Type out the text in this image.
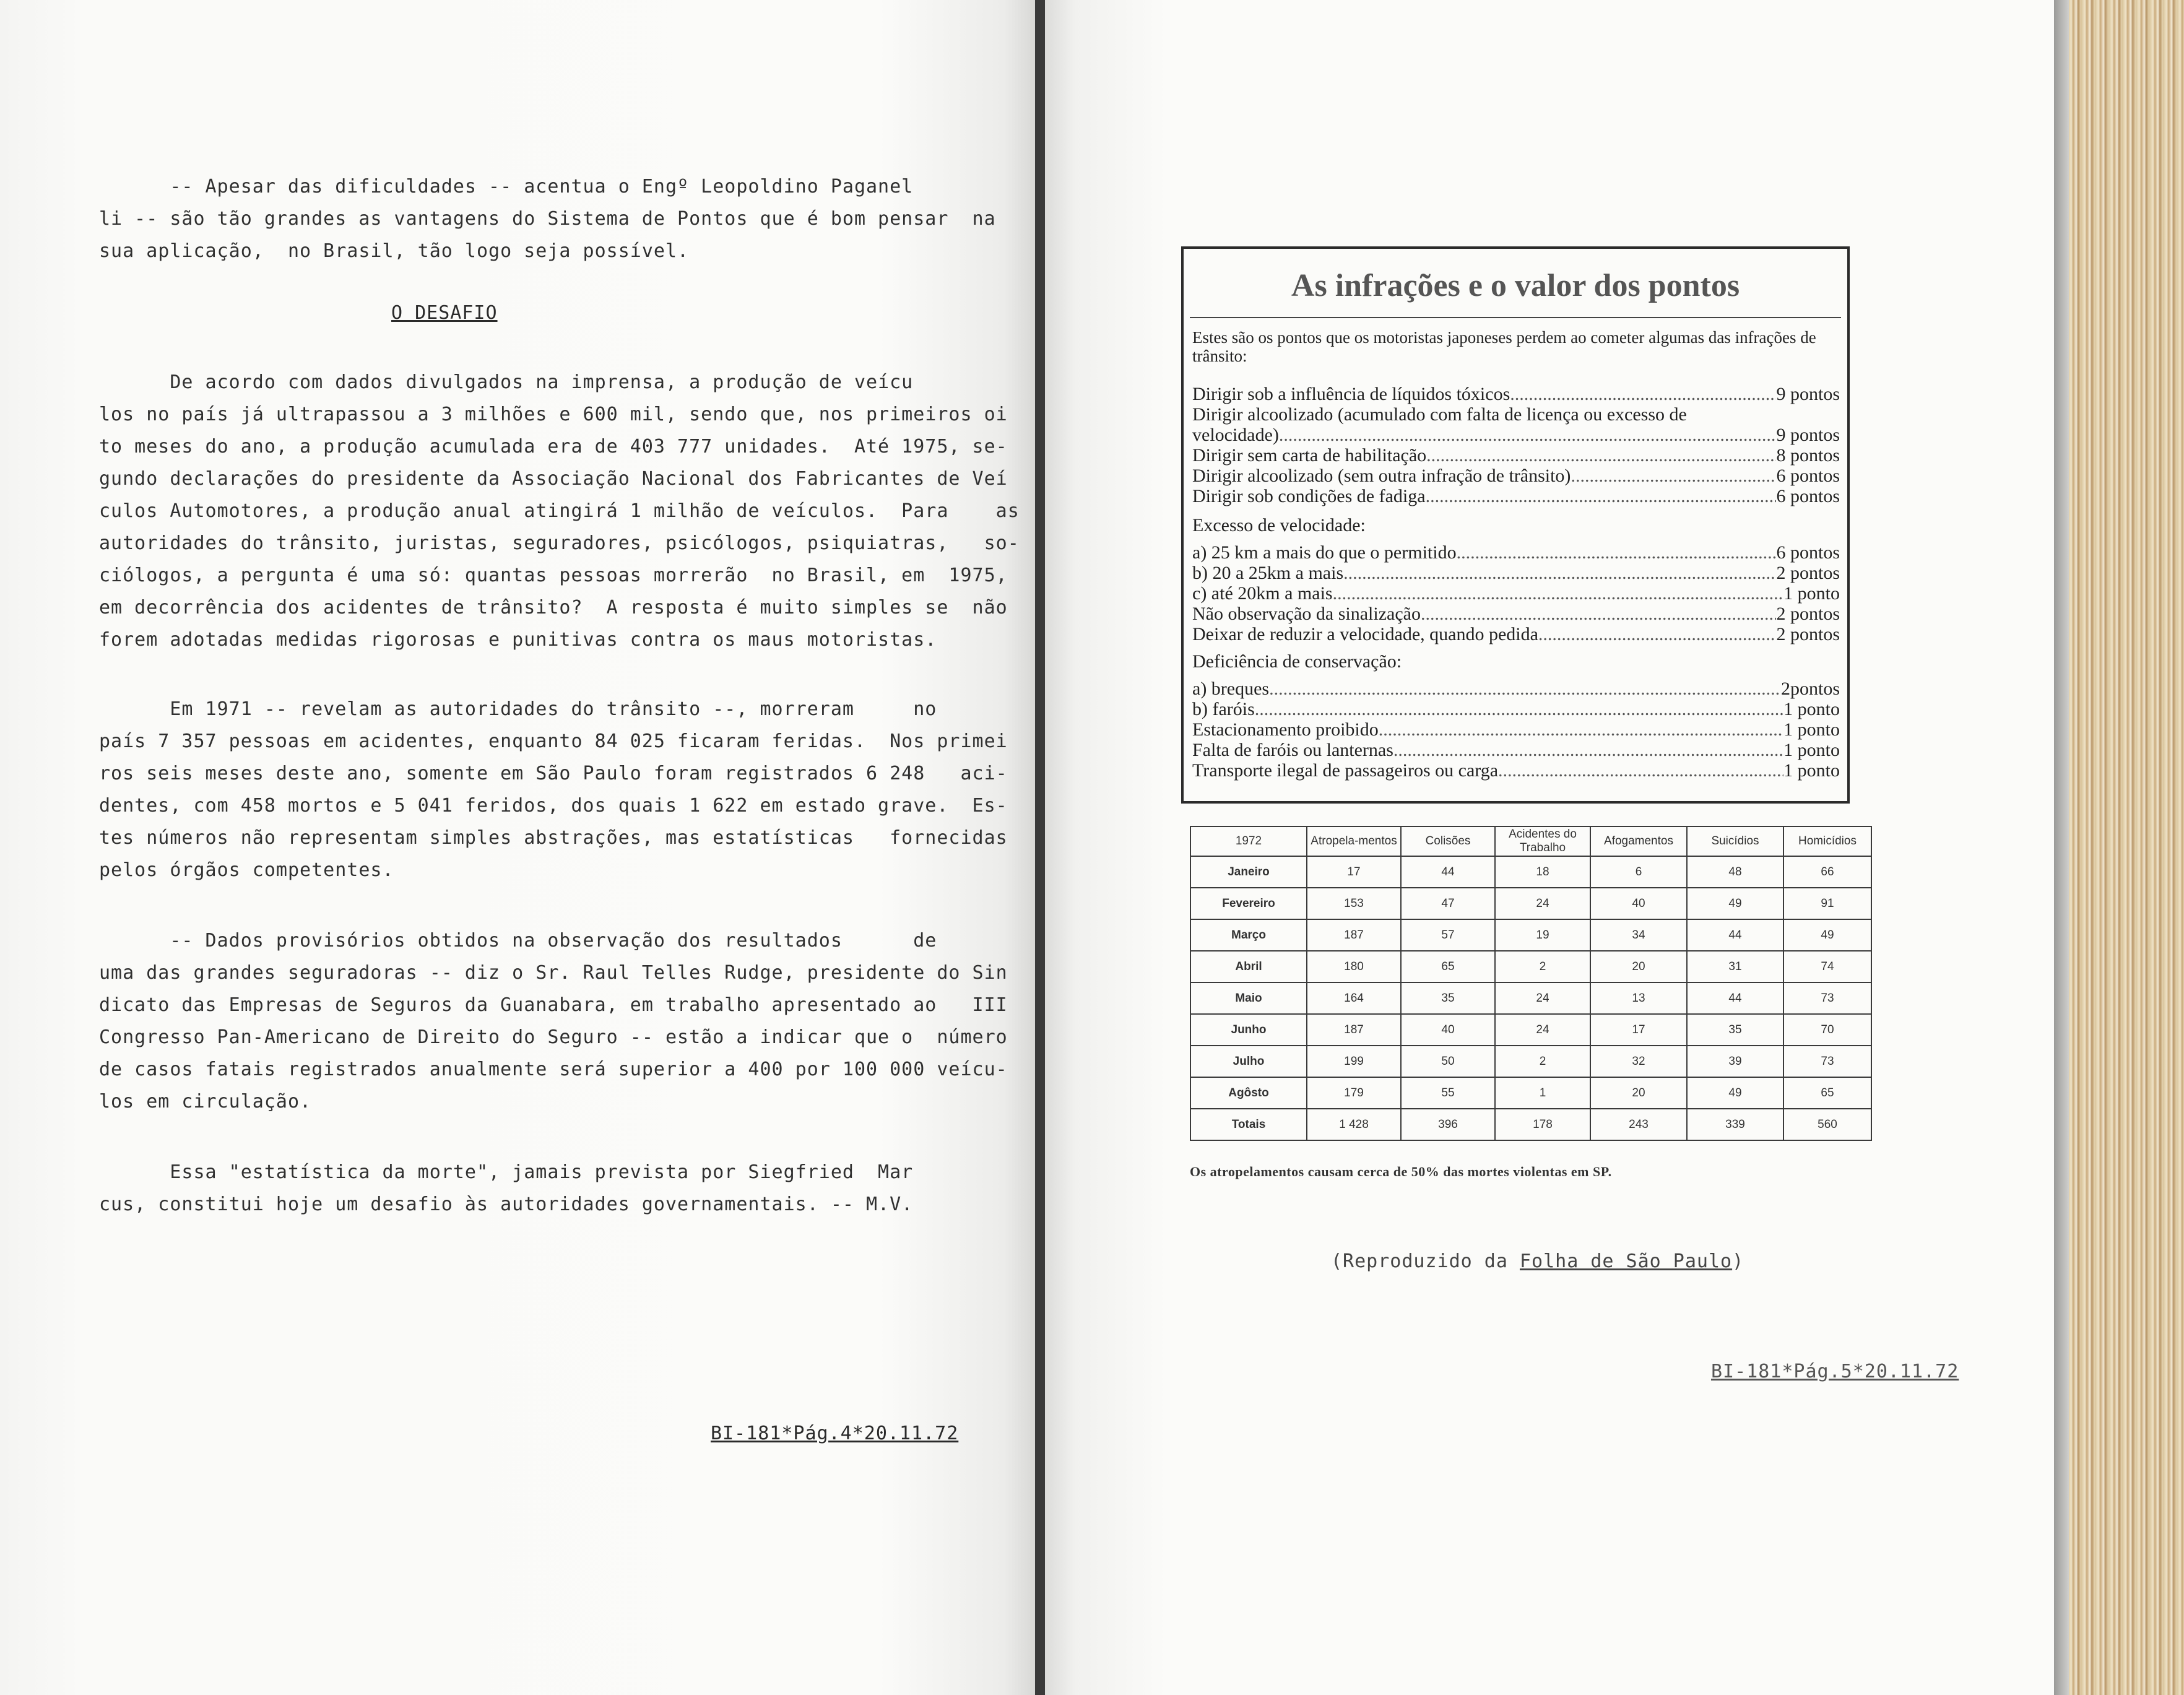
-- Apesar das dificuldades -- acentua o Engº Leopoldino Paganel
li -- são tão grandes as vantagens do Sistema de Pontos que é bom pensar  na
sua aplicação,  no Brasil, tão logo seja possível.
O DESAFIO
De acordo com dados divulgados na imprensa, a produção de veícu
los no país já ultrapassou a 3 milhões e 600 mil, sendo que, nos primeiros oi
to meses do ano, a produção acumulada era de 403 777 unidades.  Até 1975, se-
gundo declarações do presidente da Associação Nacional dos Fabricantes de Veí
culos Automotores, a produção anual atingirá 1 milhão de veículos.  Para    as
autoridades do trânsito, juristas, seguradores, psicólogos, psiquiatras,   so-
ciólogos, a pergunta é uma só: quantas pessoas morrerão  no Brasil, em  1975,
em decorrência dos acidentes de trânsito?  A resposta é muito simples se  não
forem adotadas medidas rigorosas e punitivas contra os maus motoristas.
Em 1971 -- revelam as autoridades do trânsito --, morreram     no
país 7 357 pessoas em acidentes, enquanto 84 025 ficaram feridas.  Nos primei
ros seis meses deste ano, somente em São Paulo foram registrados 6 248   aci-
dentes, com 458 mortos e 5 041 feridos, dos quais 1 622 em estado grave.  Es-
tes números não representam simples abstrações, mas estatísticas   fornecidas
pelos órgãos competentes.
-- Dados provisórios obtidos na observação dos resultados      de
uma das grandes seguradoras -- diz o Sr. Raul Telles Rudge, presidente do Sin
dicato das Empresas de Seguros da Guanabara, em trabalho apresentado ao   III
Congresso Pan-Americano de Direito do Seguro -- estão a indicar que o  número
de casos fatais registrados anualmente será superior a 400 por 100 000 veícu-
los em circulação.
Essa "estatística da morte", jamais prevista por Siegfried  Mar
cus, constitui hoje um desafio às autoridades governamentais. -- M.V.
BI-181*Pág.4*20.11.72
As infrações e o valor dos pontos
Estes são os pontos que os motoristas japoneses perdem ao cometer algumas das infrações de trânsito:
Dirigir sob a influência de líquidos tóxicos .....	9 pontos
Dirigir alcoolizado (acumulado com falta de licença ou excesso de
velocidade) .....	9 pontos
Dirigir sem carta de habilitação .....	8 pontos
Dirigir alcoolizado (sem outra infração de trânsito) .....	6 pontos
Dirigir sob condições de fadiga .....	6 pontos
Excesso de velocidade:
a) 25 km a mais do que o permitido .....	6 pontos
b) 20 a 25km a mais .....	2 pontos
c) até 20km a mais .....	1 ponto
Não observação da sinalização .....	2 pontos
Deixar de reduzir a velocidade, quando pedida .....	2 pontos
Deficiência de conservação:
a) breques .....	2pontos
b) faróis .....	1 ponto
Estacionamento proibido .....	1 ponto
Falta de faróis ou lanternas .....	1 ponto
Transporte ilegal de passageiros ou carga .....	1 ponto
1972	Atropela-mentos	Colisões	Acidentes do Trabalho	Afogamentos	Suicídios	Homicídios
Janeiro	17	44	18	6	48	66
Fevereiro	153	47	24	40	49	91
Março	187	57	19	34	44	49
Abril	180	65	2	20	31	74
Maio	164	35	24	13	44	73
Junho	187	40	24	17	35	70
Julho	199	50	2	32	39	73
Agôsto	179	55	1	20	49	65
Totais	1 428	396	178	243	339	560
Os atropelamentos causam cerca de 50% das mortes violentas em SP.
(Reproduzido da Folha de São Paulo)
BI-181*Pág.5*20.11.72
